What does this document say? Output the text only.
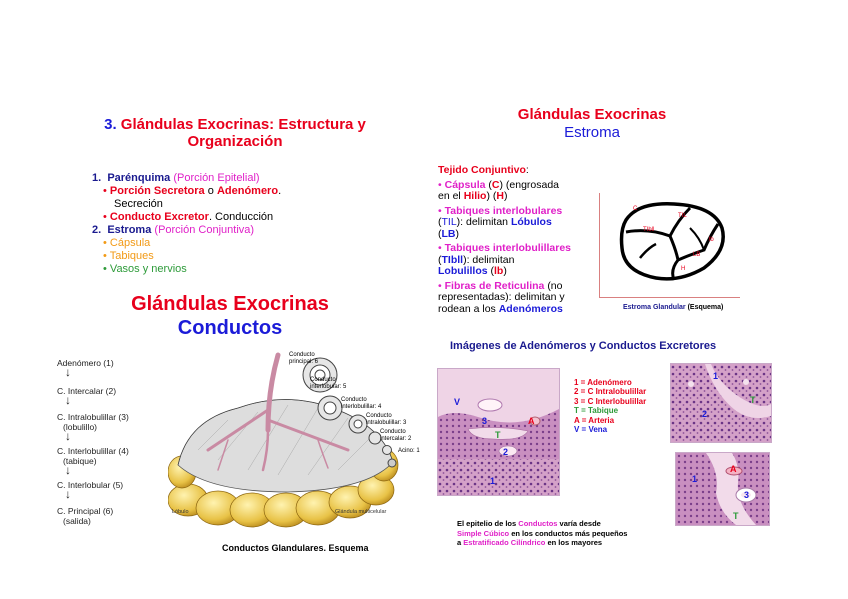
3. Glándulas Exocrinas: Estructura y
Organización
1. Parénquima (Porción Epitelial)
• Porción Secretora o Adenómero.
Secreción
• Conducto Excretor. Conducción
2. Estroma (Porción Conjuntiva)
• Cápsula
• Tabiques
• Vasos y nervios
Glándulas Exocrinas
Conductos
Adenómero (1)
↓
C. Intercalar (2)
↓
C. Intralobulillar (3)
(lobulillo)
↓
C. Interlobulillar (4)
(tabique)
↓
C. Interlobular (5)
↓
C. Principal (6)
(salida)
Conducto principal: 6
Conducto interlobular: 5
Conducto interlobulillar: 4
Conducto intralobulillar: 3
Conducto intercalar: 2
Acino: 1
Lóbulo	Glándula multicelular
Conductos Glandulares. Esquema
Glándulas Exocrinas
Estroma
Tejido Conjuntivo:
• Cápsula (C) (engrosada
en el Hilio) (H)
• Tabiques interlobulares
(TIL): delimitan Lóbulos
(LB)
• Tabiques interlobulillares
(TIbll): delimitan
Lobulillos (lb)
• Fibras de Reticulina (no
representadas): delimitan y
rodean a los Adenómeros
C
TIL
TIbll
lb
LB
H
Estroma Glandular (Esquema)
Imágenes de Adenómeros y Conductos Excretores
V
3
T
2
1
A
1 = Adenómero
2 = C Intralobulillar
3 = C Interlobulillar
T = Tabique
A = Arteria
V = Vena
1
2
T
1
A
3
T
El epitelio de los Conductos varía desde
Simple Cúbico en los conductos más pequeños
a Estratificado Cilíndrico en los mayores
